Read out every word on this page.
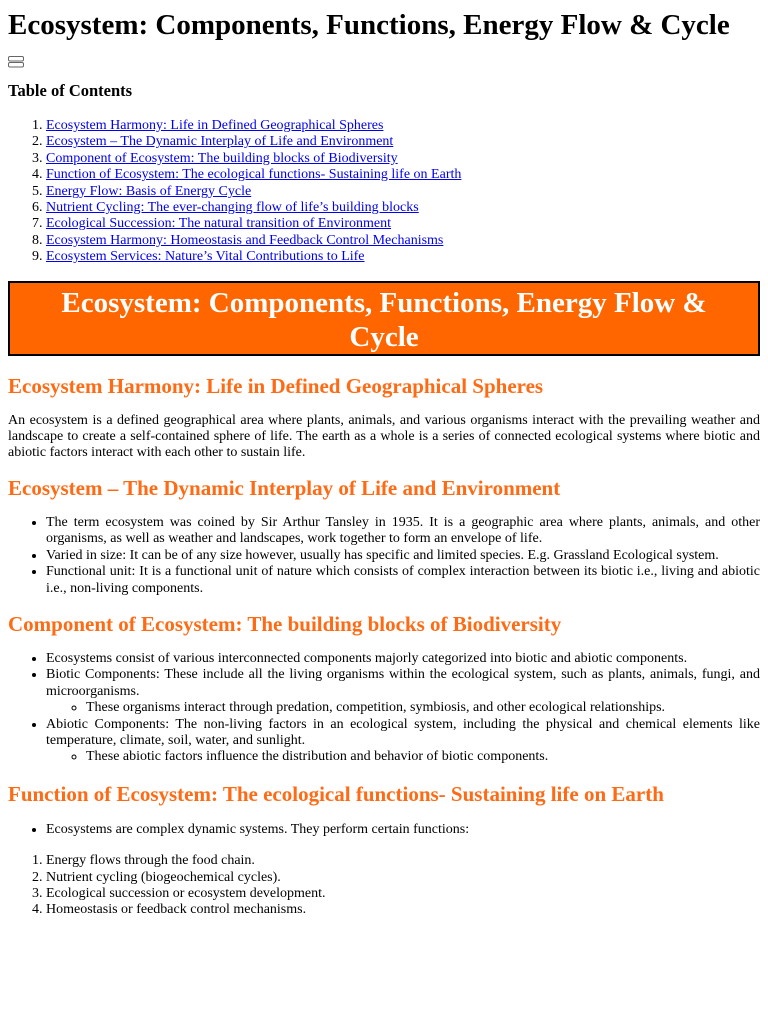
Ecosystem: Components, Functions, Energy Flow & Cycle
Table of Contents
1. Ecosystem Harmony: Life in Defined Geographical Spheres
2. Ecosystem – The Dynamic Interplay of Life and Environment
3. Component of Ecosystem: The building blocks of Biodiversity
4. Function of Ecosystem: The ecological functions- Sustaining life on Earth
5. Energy Flow: Basis of Energy Cycle
6. Nutrient Cycling: The ever-changing flow of life’s building blocks
7. Ecological Succession: The natural transition of Environment
8. Ecosystem Harmony: Homeostasis and Feedback Control Mechanisms
9. Ecosystem Services: Nature’s Vital Contributions to Life
Ecosystem: Components, Functions, Energy Flow & Cycle
Ecosystem Harmony: Life in Defined Geographical Spheres

An ecosystem is a defined geographical area where plants, animals, and various organisms interact with the prevailing weather and landscape to create a self-contained sphere of life. The earth as a whole is a series of connected ecological systems where biotic and abiotic factors interact with each other to sustain life.

Ecosystem – The Dynamic Interplay of Life and Environment
• The term ecosystem was coined by Sir Arthur Tansley in 1935. It is a geographic area where plants, animals, and other organisms, as well as weather and landscapes, work together to form an envelope of life.
• Varied in size: It can be of any size however, usually has specific and limited species. E.g. Grassland Ecological system.
• Functional unit: It is a functional unit of nature which consists of complex interaction between its biotic i.e., living and abiotic i.e., non-living components.
Component of Ecosystem: The building blocks of Biodiversity
• Ecosystems consist of various interconnected components majorly categorized into biotic and abiotic components.
• Biotic Components: These include all the living organisms within the ecological system, such as plants, animals, fungi, and microorganisms.
◦ These organisms interact through predation, competition, symbiosis, and other ecological relationships.
• Abiotic Components: The non-living factors in an ecological system, including the physical and chemical elements like temperature, climate, soil, water, and sunlight.
◦ These abiotic factors influence the distribution and behavior of biotic components.
Function of Ecosystem: The ecological functions- Sustaining life on Earth
• Ecosystems are complex dynamic systems. They perform certain functions:
1. Energy flows through the food chain.
2. Nutrient cycling (biogeochemical cycles).
3. Ecological succession or ecosystem development.
4. Homeostasis or feedback control mechanisms.
